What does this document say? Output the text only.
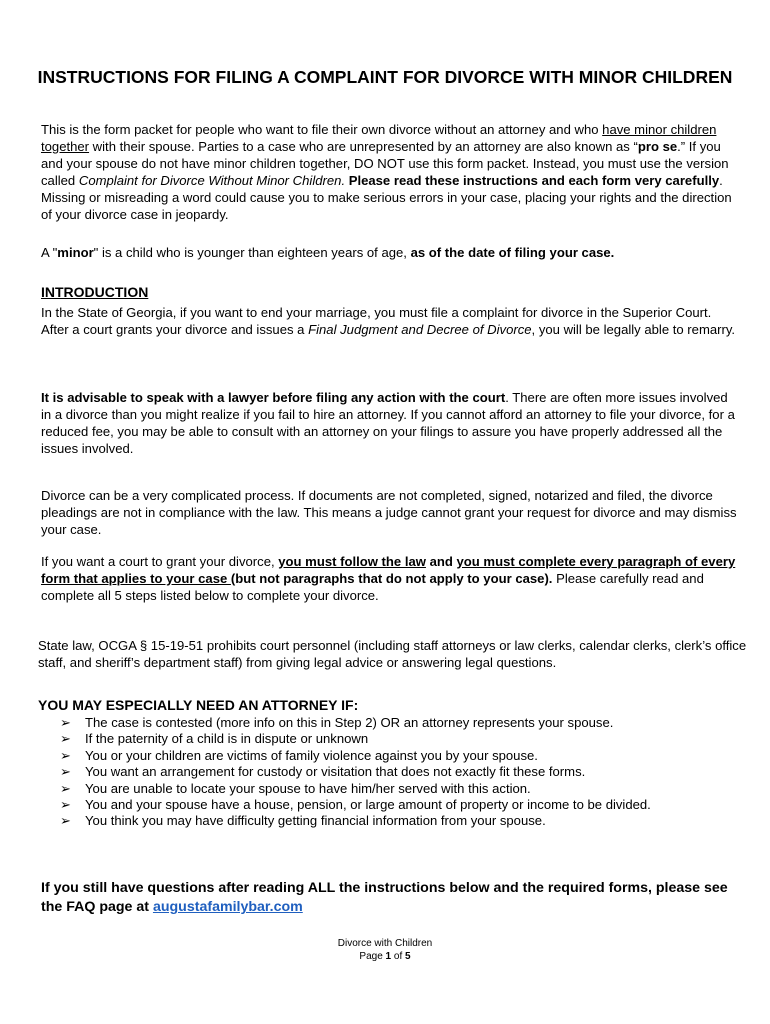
INSTRUCTIONS FOR FILING A COMPLAINT FOR DIVORCE WITH MINOR CHILDREN

This is the form packet for people who want to file their own divorce without an attorney and who have minor children together with their spouse. Parties to a case who are unrepresented by an attorney are also known as “pro se.” If you and your spouse do not have minor children together, DO NOT use this form packet. Instead, you must use the version called Complaint for Divorce Without Minor Children. Please read these instructions and each form very carefully. Missing or misreading a word could cause you to make serious errors in your case, placing your rights and the direction of your divorce case in jeopardy.

A "minor" is a child who is younger than eighteen years of age, as of the date of filing your case.

INTRODUCTION

In the State of Georgia, if you want to end your marriage, you must file a complaint for divorce in the Superior Court. After a court grants your divorce and issues a Final Judgment and Decree of Divorce, you will be legally able to remarry.

It is advisable to speak with a lawyer before filing any action with the court. There are often more issues involved in a divorce than you might realize if you fail to hire an attorney. If you cannot afford an attorney to file your divorce, for a reduced fee, you may be able to consult with an attorney on your filings to assure you have properly addressed all the issues involved.

Divorce can be a very complicated process. If documents are not completed, signed, notarized and filed, the divorce pleadings are not in compliance with the law. This means a judge cannot grant your request for divorce and may dismiss your case.

If you want a court to grant your divorce, you must follow the law and you must complete every paragraph of every form that applies to your case (but not paragraphs that do not apply to your case). Please carefully read and complete all 5 steps listed below to complete your divorce.

State law, OCGA § 15-19-51 prohibits court personnel (including staff attorneys or law clerks, calendar clerks, clerk’s office staff, and sheriff’s department staff) from giving legal advice or answering legal questions.

YOU MAY ESPECIALLY NEED AN ATTORNEY IF:
➢ The case is contested (more info on this in Step 2) OR an attorney represents your spouse.
➢ If the paternity of a child is in dispute or unknown
➢ You or your children are victims of family violence against you by your spouse.
➢ You want an arrangement for custody or visitation that does not exactly fit these forms.
➢ You are unable to locate your spouse to have him/her served with this action.
➢ You and your spouse have a house, pension, or large amount of property or income to be divided.
➢ You think you may have difficulty getting financial information from your spouse.

If you still have questions after reading ALL the instructions below and the required forms, please see the FAQ page at augustafamilybar.com

Divorce with Children
Page 1 of 5
